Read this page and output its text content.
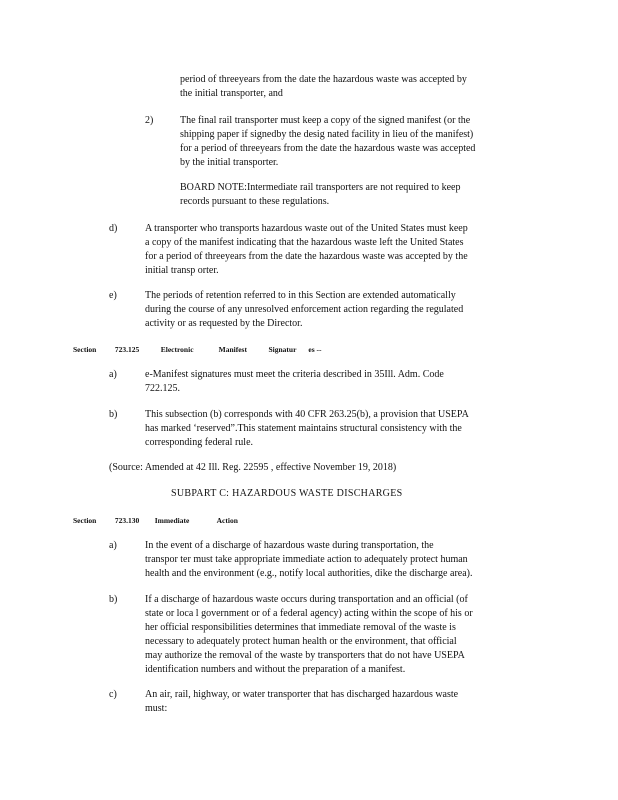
period of threeyears from the date the hazardous waste was accepted by
the initial transporter, and
2)	The final rail transporter must keep a copy of the signed manifest (or the
shipping paper if signedby the desig nated facility in lieu of the manifest)
for a period of threeyears from the date the hazardous waste was accepted
by the initial transporter.
BOARD NOTE:Intermediate rail transporters are not required to keep
records pursuant to these regulations.
d)	A transporter who transports hazardous waste out of the United States must keep
a copy of the manifest indicating that the hazardous waste left the United States
for a period of threeyears from the date the hazardous waste was accepted by the
initial transp orter.
e)	The periods of retention referred to in this Section are extended automatically
during the course of any unresolved enforcement action regarding the regulated
activity or as requested by the Director.
Section 723.125	Electronic	Manifest	Signatur es --
a)	e-Manifest signatures must meet the criteria described in 35Ill. Adm. Code
722.125.
b)	This subsection (b) corresponds with 40 CFR 263.25(b), a provision that USEPA
has marked ‘reserved”.This statement maintains structural consistency with the
corresponding federal rule.
(Source: Amended at 42 Ill. Reg. 22595 , effective November 19, 2018)
SUBPART C: HAZARDOUS WASTE DISCHARGES
Section 723.130 Immediate	Action
a)	In the event of a discharge of hazardous waste during transportation, the
transpor ter must take appropriate immediate action to adequately protect human
health and the environment (e.g., notify local authorities, dike the discharge area).
b)	If a discharge of hazardous waste occurs during transportation and an official (of
state or loca l government or of a federal agency) acting within the scope of his or
her official responsibilities determines that immediate removal of the waste is
necessary to adequately protect human health or the environment, that official
may authorize the removal of the waste by transporters that do not have USEPA
identification numbers and without the preparation of a manifest.
c)	An air, rail, highway, or water transporter that has discharged hazardous waste
must:
